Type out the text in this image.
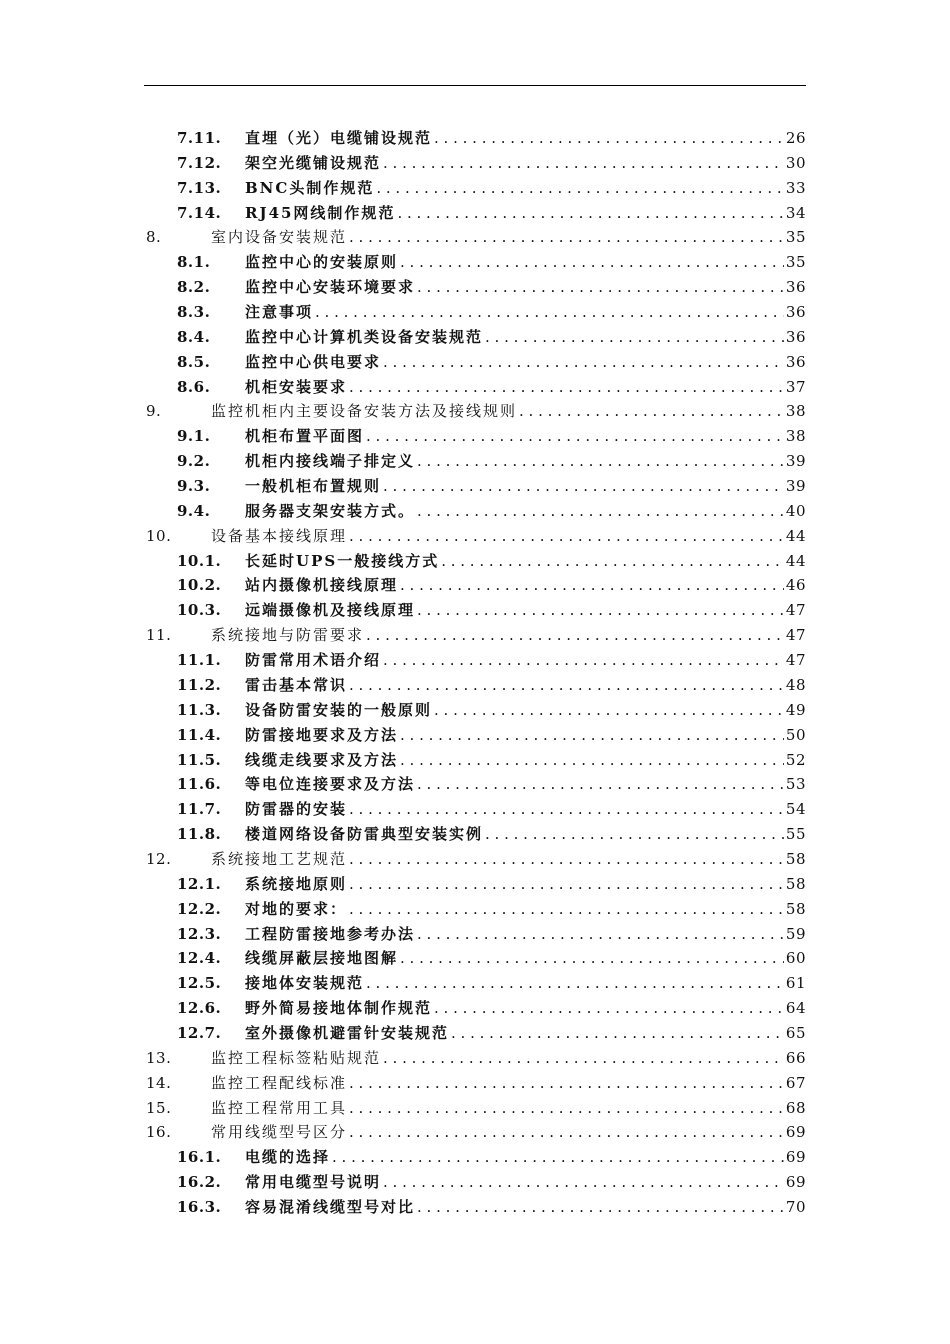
7.11. 直埋（光）电缆铺设规范 . . .	26
7.12. 架空光缆铺设规范 . . .	30
7.13. BNC头制作规范 . . .	33
7.14. RJ45网线制作规范 . . .	34
8.	室内设备安装规范 . . .	35
8.1. 监控中心的安装原则 . . .	35
8.2. 监控中心安装环境要求 . . .	36
8.3. 注意事项 . . .	36
8.4. 监控中心计算机类设备安装规范 . . .	36
8.5. 监控中心供电要求 . . .	36
8.6. 机柜安装要求 . . .	37
9.	监控机柜内主要设备安装方法及接线规则 . . .	38
9.1. 机柜布置平面图 . . .	38
9.2. 机柜内接线端子排定义 . . .	39
9.3. 一般机柜布置规则 . . .	39
9.4. 服务器支架安装方式。 . . .	40
10.	设备基本接线原理 . . .	44
10.1. 长延时UPS一般接线方式 . . .	44
10.2. 站内摄像机接线原理 . . .	46
10.3. 远端摄像机及接线原理 . . .	47
11.	系统接地与防雷要求 . . .	47
11.1. 防雷常用术语介绍 . . .	47
11.2. 雷击基本常识 . . .	48
11.3. 设备防雷安装的一般原则 . . .	49
11.4. 防雷接地要求及方法 . . .	50
11.5. 线缆走线要求及方法 . . .	52
11.6. 等电位连接要求及方法 . . .	53
11.7. 防雷器的安装 . . .	54
11.8. 楼道网络设备防雷典型安装实例 . . .	55
12.	系统接地工艺规范 . . .	58
12.1. 系统接地原则 . . .	58
12.2. 对地的要求： . . .	58
12.3. 工程防雷接地参考办法 . . .	59
12.4. 线缆屏蔽层接地图解 . . .	60
12.5. 接地体安装规范 . . .	61
12.6. 野外简易接地体制作规范 . . .	64
12.7. 室外摄像机避雷针安装规范 . . .	65
13.	监控工程标签粘贴规范 . . .	66
14.	监控工程配线标准 . . .	67
15.	监控工程常用工具 . . .	68
16.	常用线缆型号区分 . . .	69
16.1. 电缆的选择 . . .	69
16.2. 常用电缆型号说明 . . .	69
16.3. 容易混淆线缆型号对比 . . .	70
